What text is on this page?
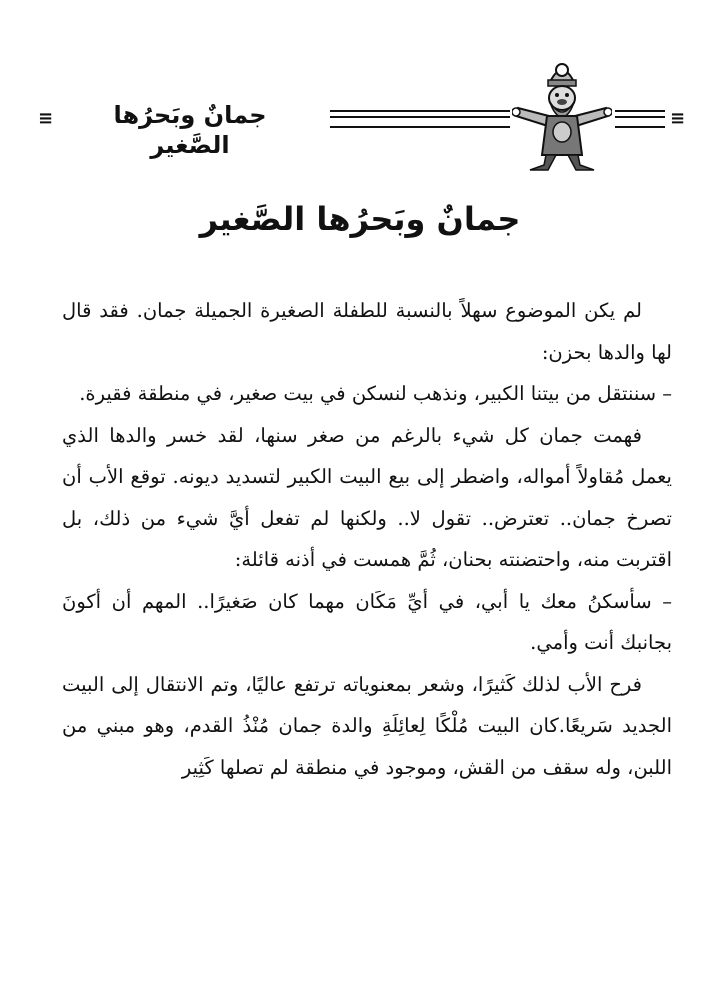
≡	جمانٌ وبَحرُها الصَّغير
≡
جمانٌ وبَحرُها الصَّغير

لم يكن الموضوع سهلاً بالنسبة للطفلة الصغيرة الجميلة جمان. فقد قال لها والدها بحزن:

– سننتقل من بيتنا الكبير، ونذهب لنسكن في بيت صغير، في منطقة فقيرة.

فهمت جمان كل شيء بالرغم من صغر سنها، لقد خسر والدها الذي يعمل مُقاولاً أمواله، واضطر إلى بيع البيت الكبير لتسديد ديونه. توقع الأب أن تصرخ جمان.. تعترض.. تقول لا.. ولكنها لم تفعل أيَّ شيء من ذلك، بل اقتربت منه، واحتضنته بحنان، ثُمَّ همست في أذنه قائلة:

– سأسكنُ معك يا أبي، في أيِّ مَكَان مهما كان صَغيرًا.. المهم أن أكونَ بجانبك أنت وأمي.

فرح الأب لذلك كَثيرًا، وشعر بمعنوياته ترتفع عاليًا، وتم الانتقال إلى البيت الجديد سَريعًا.كان البيت مُلْكًا لِعائِلَةِ والدة جمان مُنْذُ القدم، وهو مبني من اللبن، وله سقف من القش، وموجود في منطقة لم تصلها كَثِير
